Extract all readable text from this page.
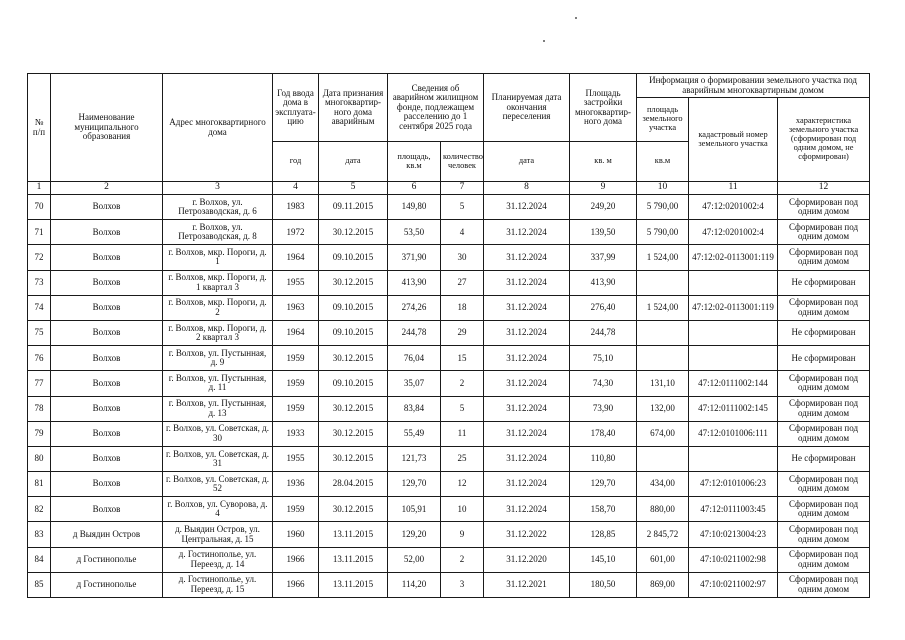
№ п/п	Наименование муниципального образования	Адрес многоквартирного дома	Год ввода дома в эксплуата-цию	Дата признания многоквартир-ного дома аварийным	Сведения об аварийном жилищном фонде, подлежащем расселению до 1 сентября 2025 года		Планируемая дата окончания переселения	Площадь застройки многоквартир-ного дома	Информация о формировании земельного участка под аварийным многоквартирным домом		
									площадь земельного участка	кадастровый номер земельного участка	характеристика земельного участка (сформирован под одним домом, не сформирован)
			год	дата	площадь, кв.м	количество человек	дата	кв. м	кв.м		
1	2	3	4	5	6	7	8	9	10	11	12
70	Волхов	г. Волхов, ул. Петрозаводская, д. 6	1983	09.11.2015	149,80	5	31.12.2024	249,20	5 790,00	47:12:0201002:4	Сформирован под одним домом
71	Волхов	г. Волхов, ул. Петрозаводская, д. 8	1972	30.12.2015	53,50	4	31.12.2024	139,50	5 790,00	47:12:0201002:4	Сформирован под одним домом
72	Волхов	г. Волхов, мкр. Пороги, д. 1	1964	09.10.2015	371,90	30	31.12.2024	337,99	1 524,00	47:12:02-0113001:119	Сформирован под одним домом
73	Волхов	г. Волхов, мкр. Пороги, д. 1 квартал 3	1955	30.12.2015	413,90	27	31.12.2024	413,90			Не сформирован
74	Волхов	г. Волхов, мкр. Пороги, д. 2	1963	09.10.2015	274,26	18	31.12.2024	276,40	1 524,00	47:12:02-0113001:119	Сформирован под одним домом
75	Волхов	г. Волхов, мкр. Пороги, д. 2 квартал 3	1964	09.10.2015	244,78	29	31.12.2024	244,78			Не сформирован
76	Волхов	г. Волхов, ул. Пустынная, д. 9	1959	30.12.2015	76,04	15	31.12.2024	75,10			Не сформирован
77	Волхов	г. Волхов, ул. Пустынная, д. 11	1959	09.10.2015	35,07	2	31.12.2024	74,30	131,10	47:12:0111002:144	Сформирован под одним домом
78	Волхов	г. Волхов, ул. Пустынная, д. 13	1959	30.12.2015	83,84	5	31.12.2024	73,90	132,00	47:12:0111002:145	Сформирован под одним домом
79	Волхов	г. Волхов, ул. Советская, д. 30	1933	30.12.2015	55,49	11	31.12.2024	178,40	674,00	47:12:0101006:111	Сформирован под одним домом
80	Волхов	г. Волхов, ул. Советская, д. 31	1955	30.12.2015	121,73	25	31.12.2024	110,80			Не сформирован
81	Волхов	г. Волхов, ул. Советская, д. 52	1936	28.04.2015	129,70	12	31.12.2024	129,70	434,00	47:12:0101006:23	Сформирован под одним домом
82	Волхов	г. Волхов, ул. Суворова, д. 4	1959	30.12.2015	105,91	10	31.12.2024	158,70	880,00	47:12:0111003:45	Сформирован под одним домом
83	д Выядин Остров	д. Выядин Остров, ул. Центральная, д. 15	1960	13.11.2015	129,20	9	31.12.2022	128,85	2 845,72	47:10:0213004:23	Сформирован под одним домом
84	д Гостинополье	д. Гостинополье, ул. Переезд, д. 14	1966	13.11.2015	52,00	2	31.12.2020	145,10	601,00	47:10:0211002:98	Сформирован под одним домом
85	д Гостинополье	д. Гостинополье, ул. Переезд, д. 15	1966	13.11.2015	114,20	3	31.12.2021	180,50	869,00	47:10:0211002:97	Сформирован под одним домом
